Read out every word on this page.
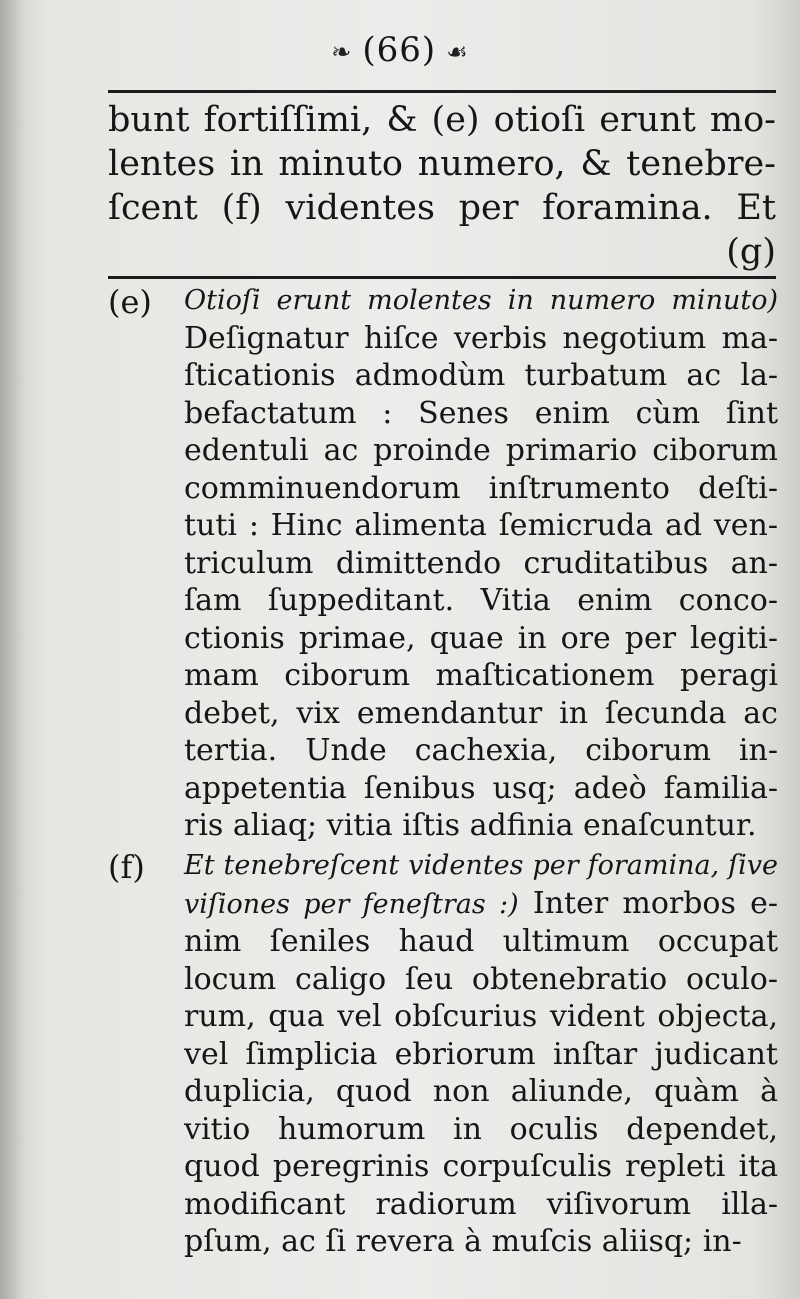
❧ (66) ☙
bunt fortiſſimi, & (e) otioſi erunt mo-
lentes in minuto numero, & tenebre-
ſcent (f) videntes per foramina. Et
(g)
(e) Otioſi erunt molentes in numero minuto)
Deſignatur hiſce verbis negotium ma-
ſticationis admodùm turbatum ac la-
befactatum : Senes enim cùm ſint
edentuli ac proinde primario ciborum
comminuendorum inſtrumento deſti-
tuti : Hinc alimenta ſemicruda ad ven-
triculum dimittendo cruditatibus an-
ſam ſuppeditant. Vitia enim conco-
ctionis primae, quae in ore per legiti-
mam ciborum maſticationem peragi
debet, vix emendantur in ſecunda ac
tertia. Unde cachexia, ciborum in-
appetentia ſenibus usq; adeò familia-
ris aliaq; vitia iſtis adfinia enaſcuntur.
(f) Et tenebreſcent videntes per foramina, ſive
viſiones per feneſtras :) Inter morbos e-
nim ſeniles haud ultimum occupat
locum caligo ſeu obtenebratio oculo-
rum, qua vel obſcurius vident objecta,
vel ſimplicia ebriorum inſtar judicant
duplicia, quod non aliunde, quàm à
vitio humorum in oculis dependet,
quod peregrinis corpuſculis repleti ita
modificant radiorum viſivorum illa-
pſum, ac ſi revera à muſcis aliisq; in-
